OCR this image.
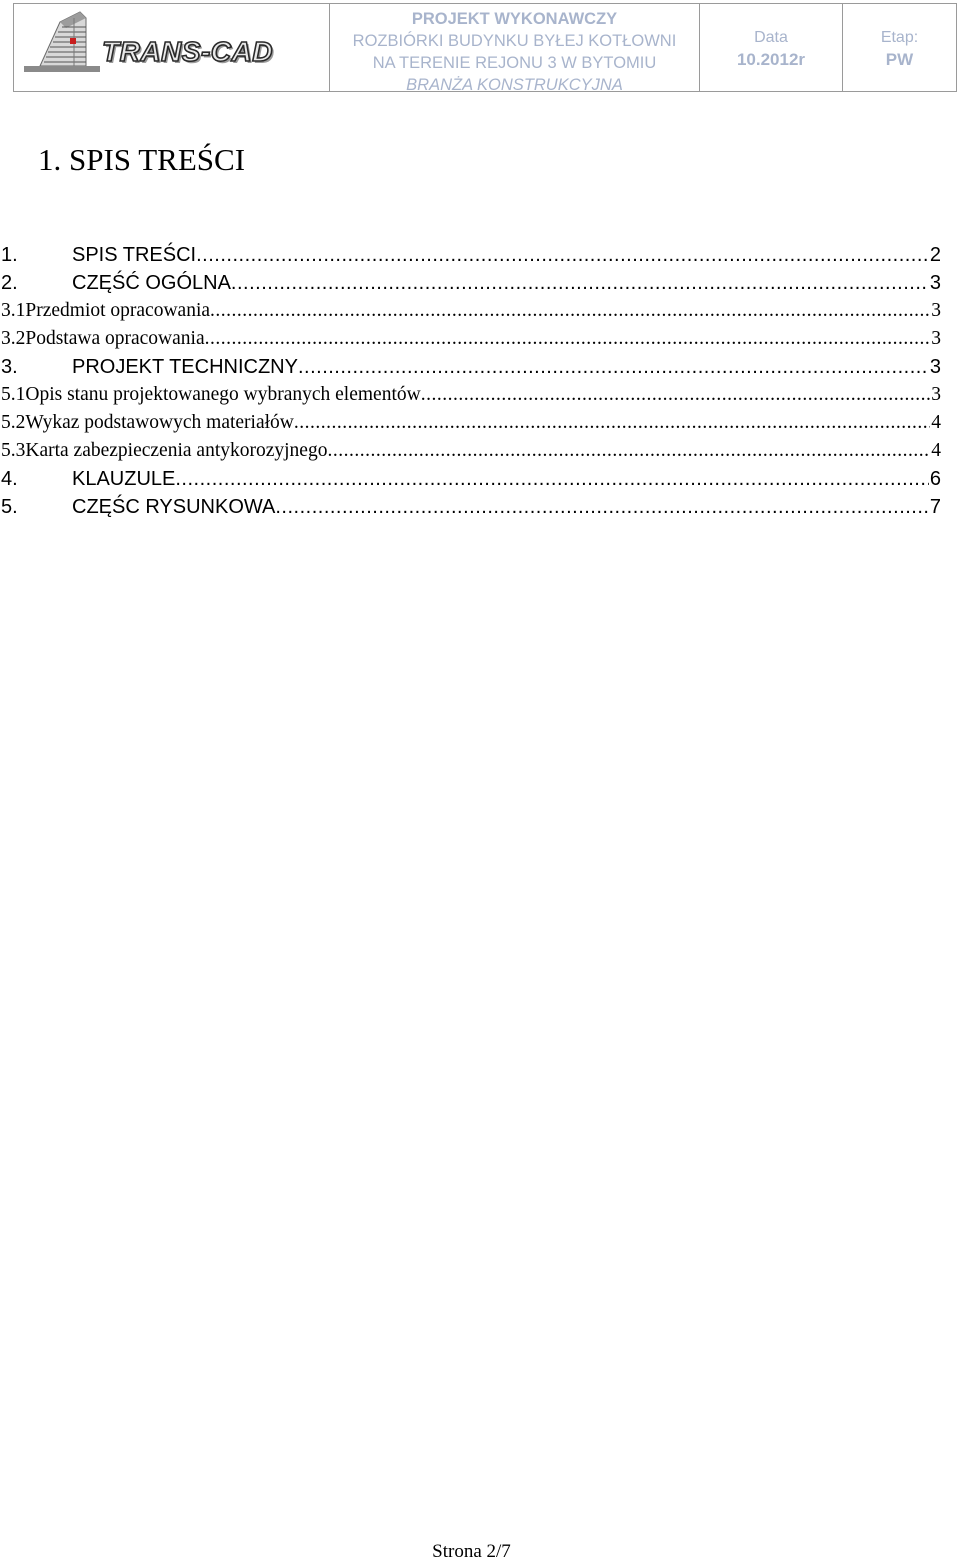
TRANS-CAD
PROJEKT WYKONAWCZY
ROZBIÓRKI BUDYNKU BYŁEJ KOTŁOWNI
NA TERENIE REJONU 3 W BYTOMIU
BRANŻA KONSTRUKCYJNA
Data
10.2012r
Etap:
PW
1. SPIS TREŚCI
1.	SPIS TREŚCI .....	2
2.	CZĘŚĆ OGÓLNA .....	3
3.1 Przedmiot opracowania .....	3
3.2 Podstawa opracowania .....	3
3.	PROJEKT TECHNICZNY .....	3
5.1 Opis stanu projektowanego wybranych elementów .....	3
5.2 Wykaz podstawowych materiałów .....	4
5.3 Karta zabezpieczenia antykorozyjnego .....	4
4.	KLAUZULE .....	6
5.	CZĘŚC RYSUNKOWA .....	7
Strona 2/7
